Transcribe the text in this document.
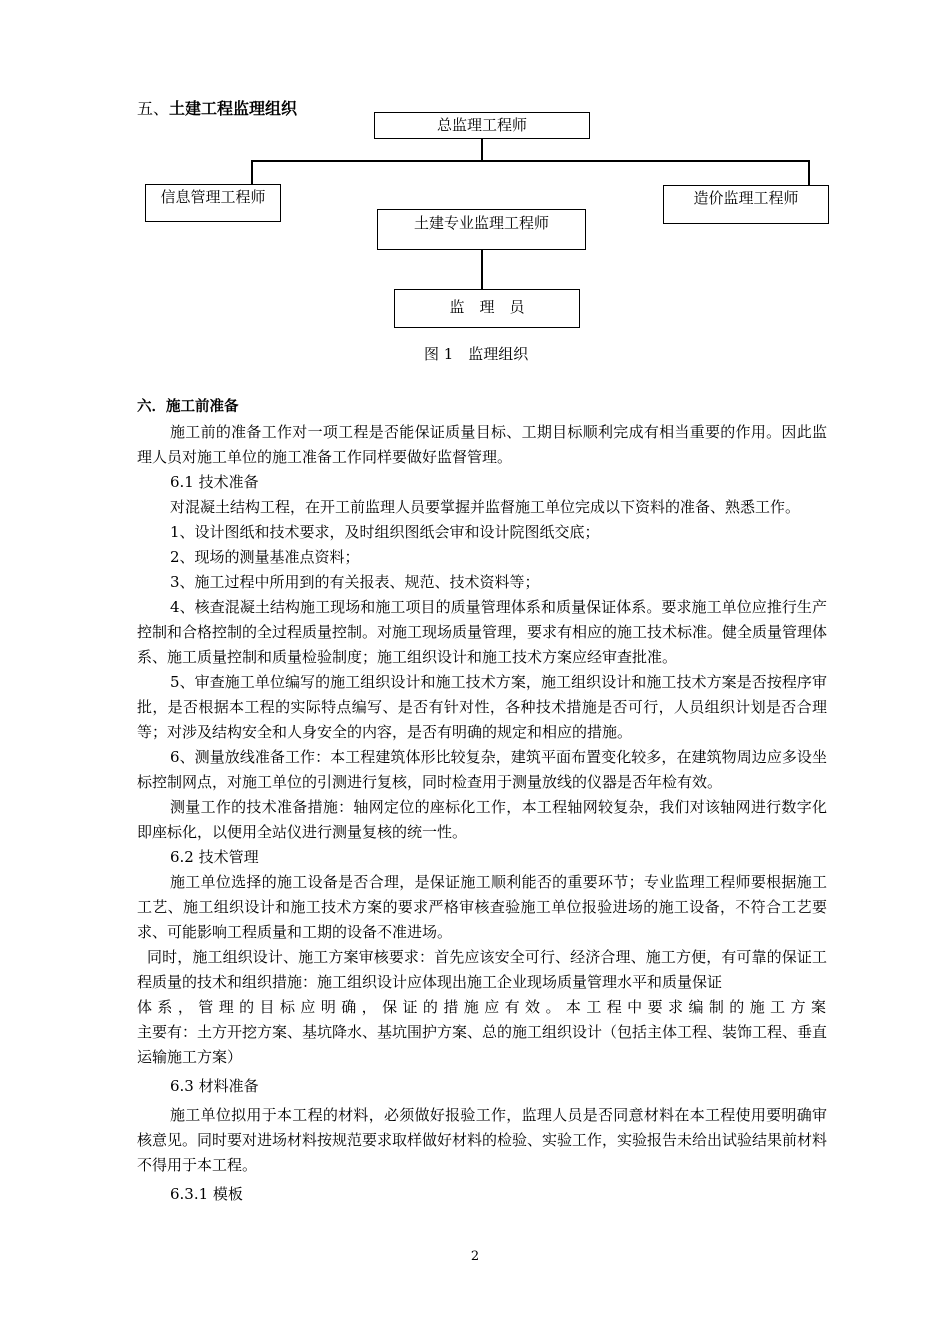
五、土建工程监理组织
总监理工程师
信息管理工程师	造价监理工程师
土建专业监理工程师
监　理　员
图 1　监理组织

六．施工前准备

施工前的准备工作对一项工程是否能保证质量目标、工期目标顺利完成有相当重要的作用。因此监理人员对施工单位的施工准备工作同样要做好监督管理。

6.1 技术准备

对混凝土结构工程，在开工前监理人员要掌握并监督施工单位完成以下资料的准备、熟悉工作。

1、设计图纸和技术要求，及时组织图纸会审和设计院图纸交底；

2、现场的测量基准点资料；

3、施工过程中所用到的有关报表、规范、技术资料等；

4、核查混凝土结构施工现场和施工项目的质量管理体系和质量保证体系。要求施工单位应推行生产控制和合格控制的全过程质量控制。对施工现场质量管理，要求有相应的施工技术标准。健全质量管理体系、施工质量控制和质量检验制度；施工组织设计和施工技术方案应经审查批准。

5、审查施工单位编写的施工组织设计和施工技术方案，施工组织设计和施工技术方案是否按程序审批，是否根据本工程的实际特点编写、是否有针对性，各种技术措施是否可行，人员组织计划是否合理等；对涉及结构安全和人身安全的内容，是否有明确的规定和相应的措施。

6、测量放线准备工作：本工程建筑体形比较复杂，建筑平面布置变化较多，在建筑物周边应多设坐标控制网点，对施工单位的引测进行复核，同时检查用于测量放线的仪器是否年检有效。

测量工作的技术准备措施：轴网定位的座标化工作，本工程轴网较复杂，我们对该轴网进行数字化即座标化，以便用全站仪进行测量复核的统一性。

6.2 技术管理

施工单位选择的施工设备是否合理，是保证施工顺利能否的重要环节；专业监理工程师要根据施工工艺、施工组织设计和施工技术方案的要求严格审核查验施工单位报验进场的施工设备，不符合工艺要求、可能影响工程质量和工期的设备不准进场。

同时，施工组织设计、施工方案审核要求：首先应该安全可行、经济合理、施工方便，有可靠的保证工程质量的技术和组织措施：施工组织设计应体现出施工企业现场质量管理水平和质量保证

体系，管理的目标应明确，保证的措施应有效。本工程中要求编制的施工方案

主要有：土方开挖方案、基坑降水、基坑围护方案、总的施工组织设计（包括主体工程、装饰工程、垂直运输施工方案）

6.3 材料准备

施工单位拟用于本工程的材料，必须做好报验工作，监理人员是否同意材料在本工程使用要明确审核意见。同时要对进场材料按规范要求取样做好材料的检验、实验工作，实验报告未给出试验结果前材料不得用于本工程。

6.3.1 模板

2
